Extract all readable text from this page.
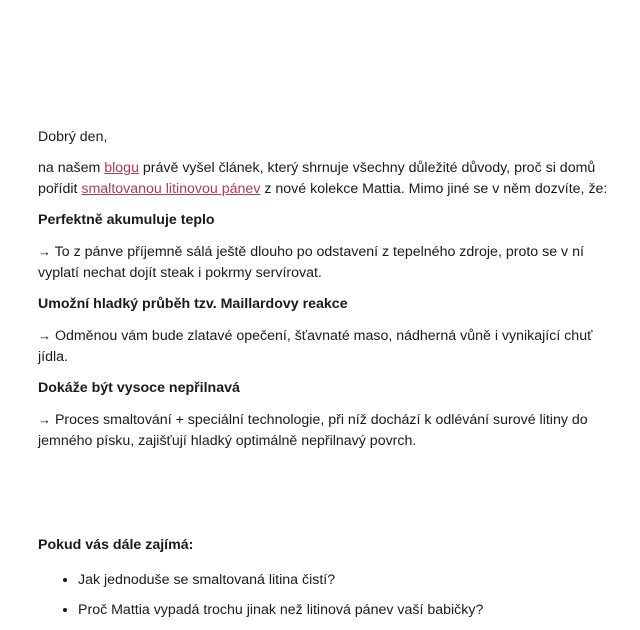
Dobrý den,

na našem blogu právě vyšel článek, který shrnuje všechny důležité důvody, proč si domů pořídit smaltovanou litinovou pánev z nové kolekce Mattia. Mimo jiné se v něm dozvíte, že:

Perfektně akumuluje teplo

→ To z pánve příjemně sálá ještě dlouho po odstavení z tepelného zdroje, proto se v ní vyplatí nechat dojít steak i pokrmy servírovat.

Umožní hladký průběh tzv. Maillardovy reakce

→ Odměnou vám bude zlatavé opečení, šťavnaté maso, nádherná vůně i vynikající chuť jídla.

Dokáže být vysoce nepřilnavá

→ Proces smaltování + speciální technologie, při níž dochází k odlévání surové litiny do jemného písku, zajišťují hladký optimálně nepřilnavý povrch.

Pokud vás dále zajímá:
• Jak jednoduše se smaltovaná litina čistí?
• Proč Mattia vypadá trochu jinak než litinová pánev vaší babičky?
